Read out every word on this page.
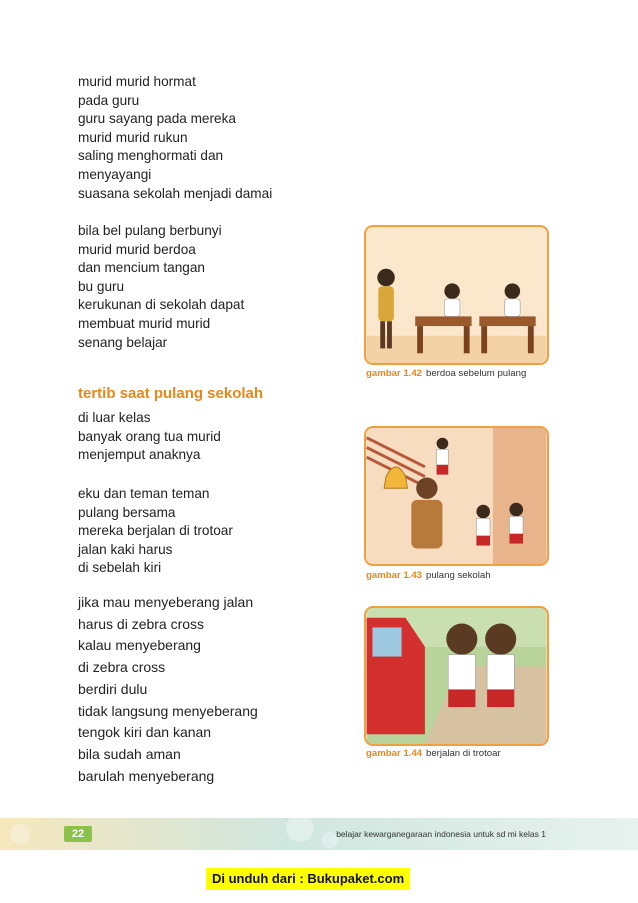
murid murid hormat
pada guru
guru sayang pada mereka
murid murid rukun
saling menghormati dan
menyayangi
suasana sekolah menjadi damai
bila bel pulang berbunyi
murid murid berdoa
dan mencium tangan
bu guru
kerukunan di sekolah dapat
membuat murid murid
senang belajar
tertib saat pulang sekolah
di luar kelas
banyak orang tua murid
menjemput anaknya
eku dan teman teman
pulang bersama
mereka berjalan di trotoar
jalan kaki harus
di sebelah kiri
jika mau menyeberang jalan
harus di zebra cross
kalau menyeberang
di zebra cross
berdiri dulu
tidak langsung menyeberang
tengok kiri dan kanan
bila sudah aman
barulah menyeberang
gambar 1.42 berdoa sebelum pulang
gambar 1.43 pulang sekolah
gambar 1.44 berjalan di trotoar
22	belajar kewarganegaraan indonesia untuk sd mi kelas 1
Di unduh dari : Bukupaket.com
